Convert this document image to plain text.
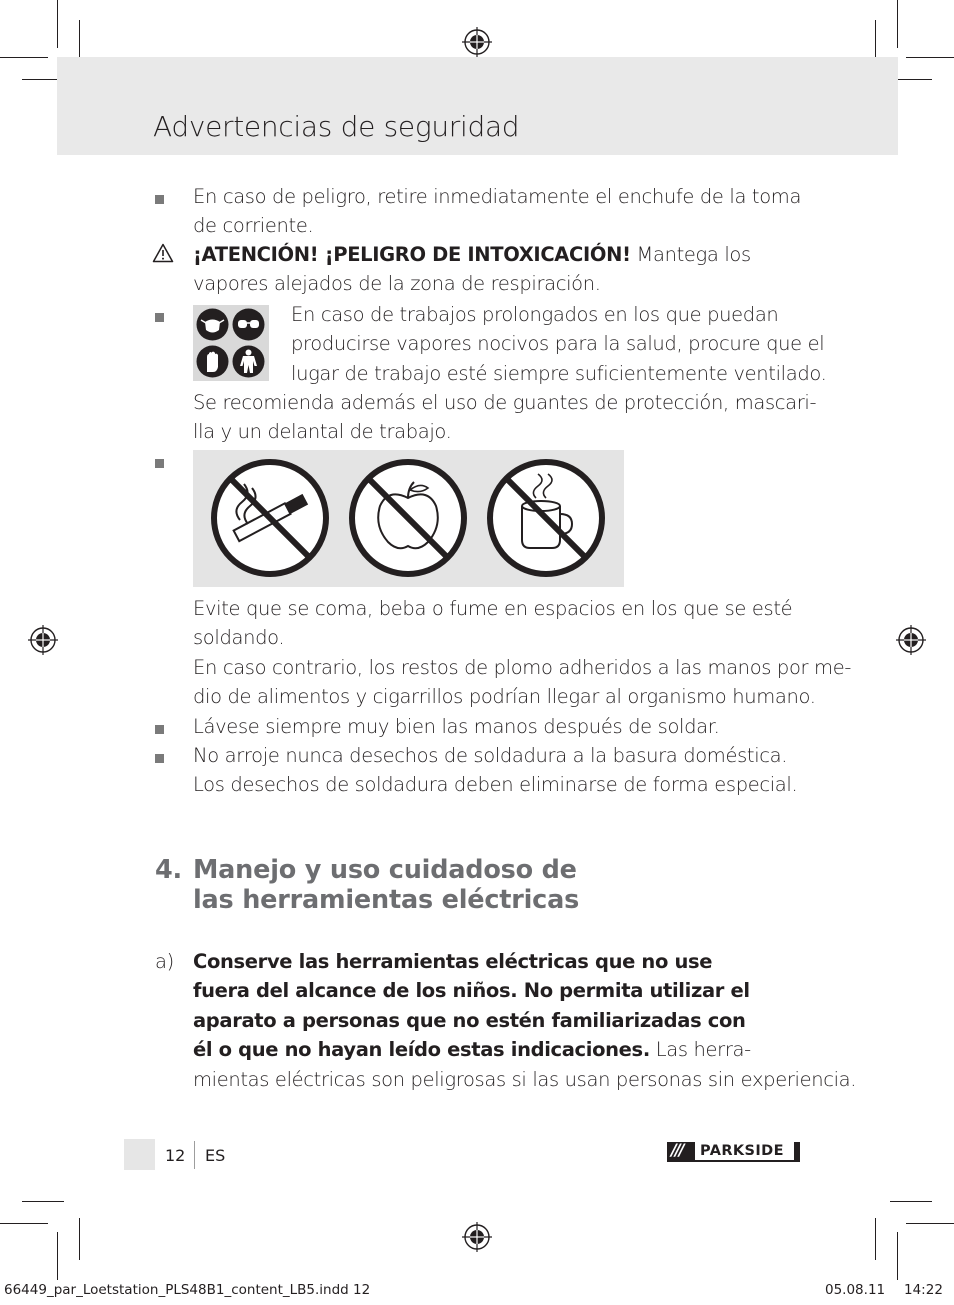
Advertencias de seguridad
En caso de peligro, retire inmediatamente el enchufe de la toma
de corriente.
¡ATENCIÓN! ¡PELIGRO DE INTOXICACIÓN! Mantega los
vapores alejados de la zona de respiración.
En caso de trabajos prolongados en los que puedan
producirse vapores nocivos para la salud, procure que el
lugar de trabajo esté siempre suficientemente ventilado.
Se recomienda además el uso de guantes de protección, mascari-
lla y un delantal de trabajo.
Evite que se coma, beba o fume en espacios en los que se esté
soldando.
En caso contrario, los restos de plomo adheridos a las manos por me-
dio de alimentos y cigarrillos podrían llegar al organismo humano.
Lávese siempre muy bien las manos después de soldar.
No arroje nunca desechos de soldadura a la basura doméstica.
Los desechos de soldadura deben eliminarse de forma especial.
4. Manejo y uso cuidadoso de
las herramientas eléctricas
a) Conserve las herramientas eléctricas que no use
fuera del alcance de los niños. No permita utilizar el
aparato a personas que no estén familiarizadas con
él o que no hayan leído estas indicaciones. Las herra-
mientas eléctricas son peligrosas si las usan personas sin experiencia.
12 ES	/// PARKSIDE
66449_par_Loetstation_PLS48B1_content_LB5.indd 12	05.08.11 14:22
